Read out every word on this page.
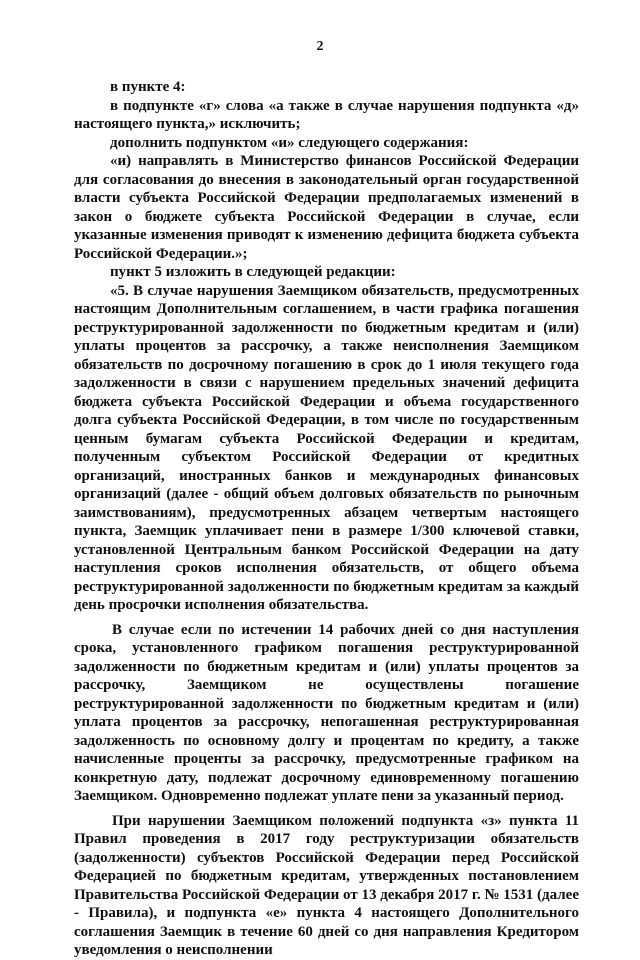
2

в пункте 4:

в подпункте «г» слова «а также в случае нарушения подпункта «д» настоящего пункта,» исключить;

дополнить подпунктом «и» следующего содержания:

«и) направлять в Министерство финансов Российской Федерации для согласования до внесения в законодательный орган государственной власти субъекта Российской Федерации предполагаемых изменений в закон о бюджете субъекта Российской Федерации в случае, если указанные изменения приводят к изменению дефицита бюджета субъекта Российской Федерации.»;

пункт 5 изложить в следующей редакции:

«5. В случае нарушения Заемщиком обязательств, предусмотренных настоящим Дополнительным соглашением, в части графика погашения реструктурированной задолженности по бюджетным кредитам и (или) уплаты процентов за рассрочку, а также неисполнения Заемщиком обязательств по досрочному погашению в срок до 1 июля текущего года задолженности в связи с нарушением предельных значений дефицита бюджета субъекта Российской Федерации и объема государственного долга субъекта Российской Федерации, в том числе по государственным ценным бумагам субъекта Российской Федерации и кредитам, полученным субъектом Российской Федерации от кредитных организаций, иностранных банков и международных финансовых организаций (далее - общий объем долговых обязательств по рыночным заимствованиям), предусмотренных абзацем четвертым настоящего пункта, Заемщик уплачивает пени в размере 1/300 ключевой ставки, установленной Центральным банком Российской Федерации на дату наступления сроков исполнения обязательств, от общего объема реструктурированной задолженности по бюджетным кредитам за каждый день просрочки исполнения обязательства.

В случае если по истечении 14 рабочих дней со дня наступления срока, установленного графиком погашения реструктурированной задолженности по бюджетным кредитам и (или) уплаты процентов за рассрочку, Заемщиком не осуществлены погашение реструктурированной задолженности по бюджетным кредитам и (или) уплата процентов за рассрочку, непогашенная реструктурированная задолженность по основному долгу и процентам по кредиту, а также начисленные проценты за рассрочку, предусмотренные графиком на конкретную дату, подлежат досрочному единовременному погашению Заемщиком. Одновременно подлежат уплате пени за указанный период.

При нарушении Заемщиком положений подпункта «з» пункта 11 Правил проведения в 2017 году реструктуризации обязательств (задолженности) субъектов Российской Федерации перед Российской Федерацией по бюджетным кредитам, утвержденных постановлением Правительства Российской Федерации от 13 декабря 2017 г. № 1531 (далее - Правила), и подпункта «е» пункта 4 настоящего Дополнительного соглашения Заемщик в течение 60 дней со дня направления Кредитором уведомления о неисполнении
